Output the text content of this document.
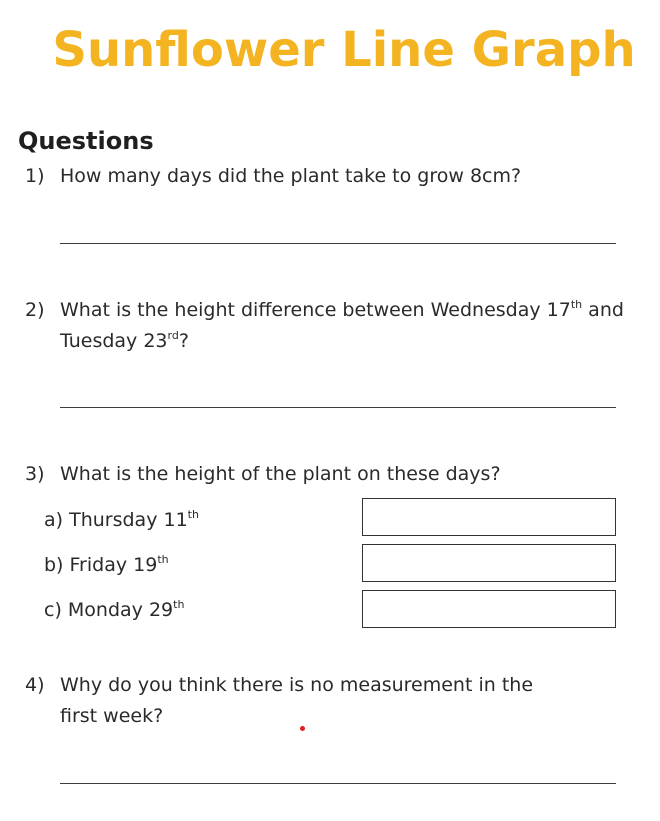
Sunflower Line Graph
Questions
1) How many days did the plant take to grow 8cm?
2) What is the height difference between Wednesday 17th and
Tuesday 23rd?
3) What is the height of the plant on these days?
a) Thursday 11th
b) Friday 19th
c) Monday 29th
4) Why do you think there is no measurement in the
first week?
